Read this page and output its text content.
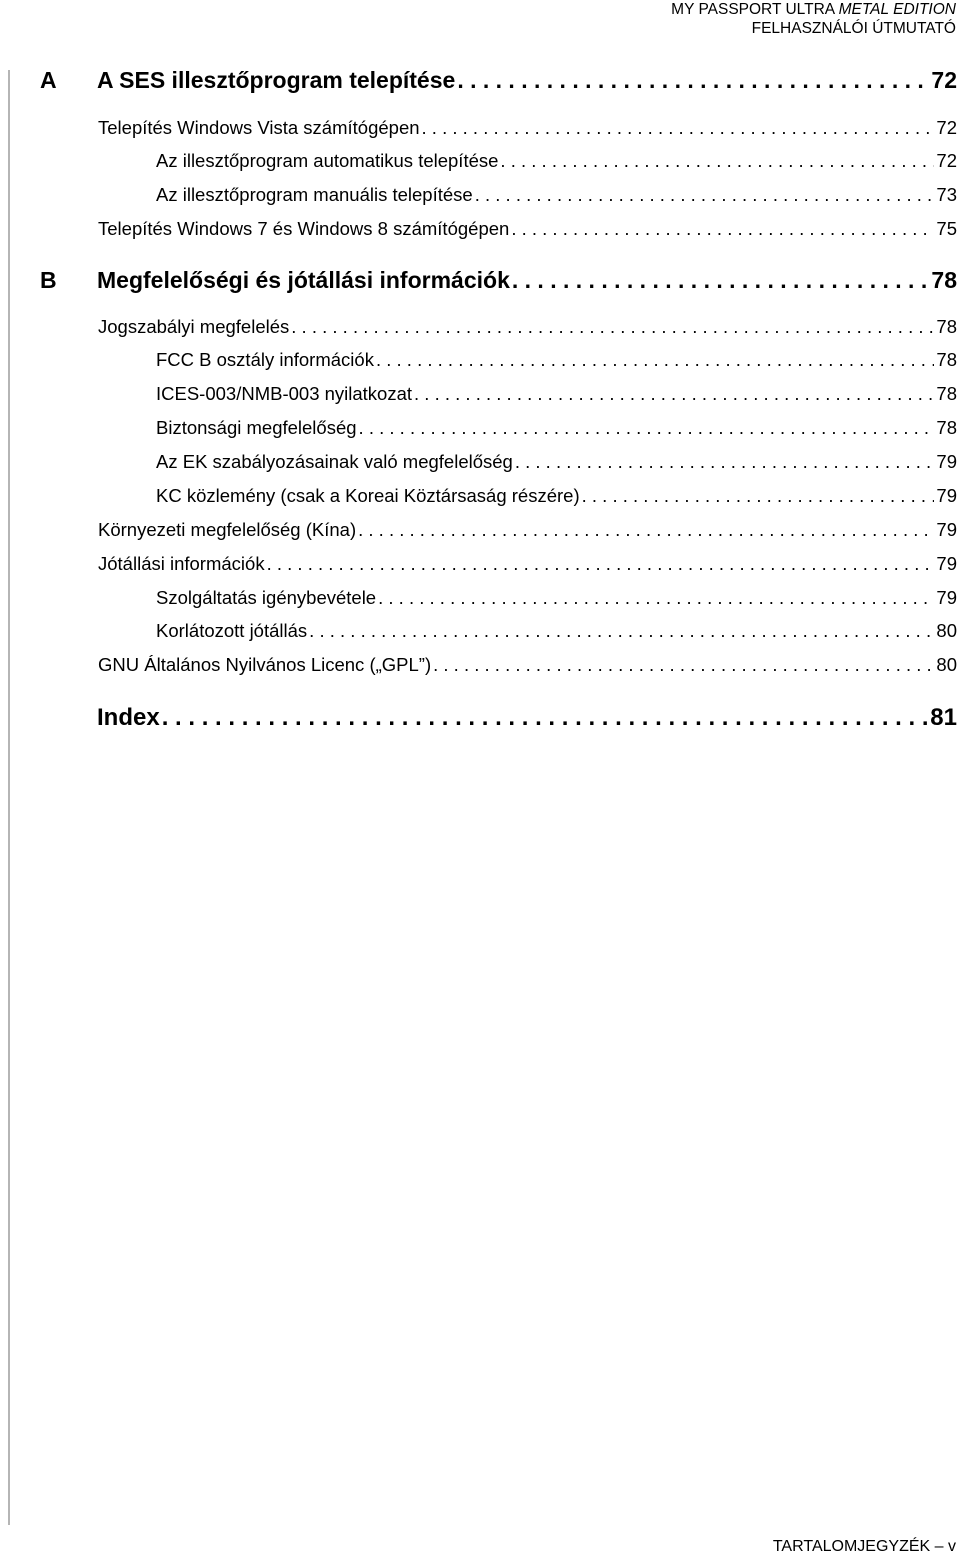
MY PASSPORT ULTRA METAL EDITION
FELHASZNÁLÓI ÚTMUTATÓ
A A SES illesztőprogram telepítése . . .	72
Telepítés Windows Vista számítógépen . . .	72
Az illesztőprogram automatikus telepítése . . .	72
Az illesztőprogram manuális telepítése . . .	73
Telepítés Windows 7 és Windows 8 számítógépen . . .	75
B Megfelelőségi és jótállási információk . . .	78
Jogszabályi megfelelés . . .	78
FCC B osztály információk . . .	78
ICES-003/NMB-003 nyilatkozat . . .	78
Biztonsági megfelelőség . . .	78
Az EK szabályozásainak való megfelelőség . . .	79
KC közlemény (csak a Koreai Köztársaság részére) . . .	79
Környezeti megfelelőség (Kína) . . .	79
Jótállási információk . . .	79
Szolgáltatás igénybevétele . . .	79
Korlátozott jótállás . . .	80
GNU Általános Nyilvános Licenc („GPL”) . . .	80
Index . . .	81
TARTALOMJEGYZÉK – v
